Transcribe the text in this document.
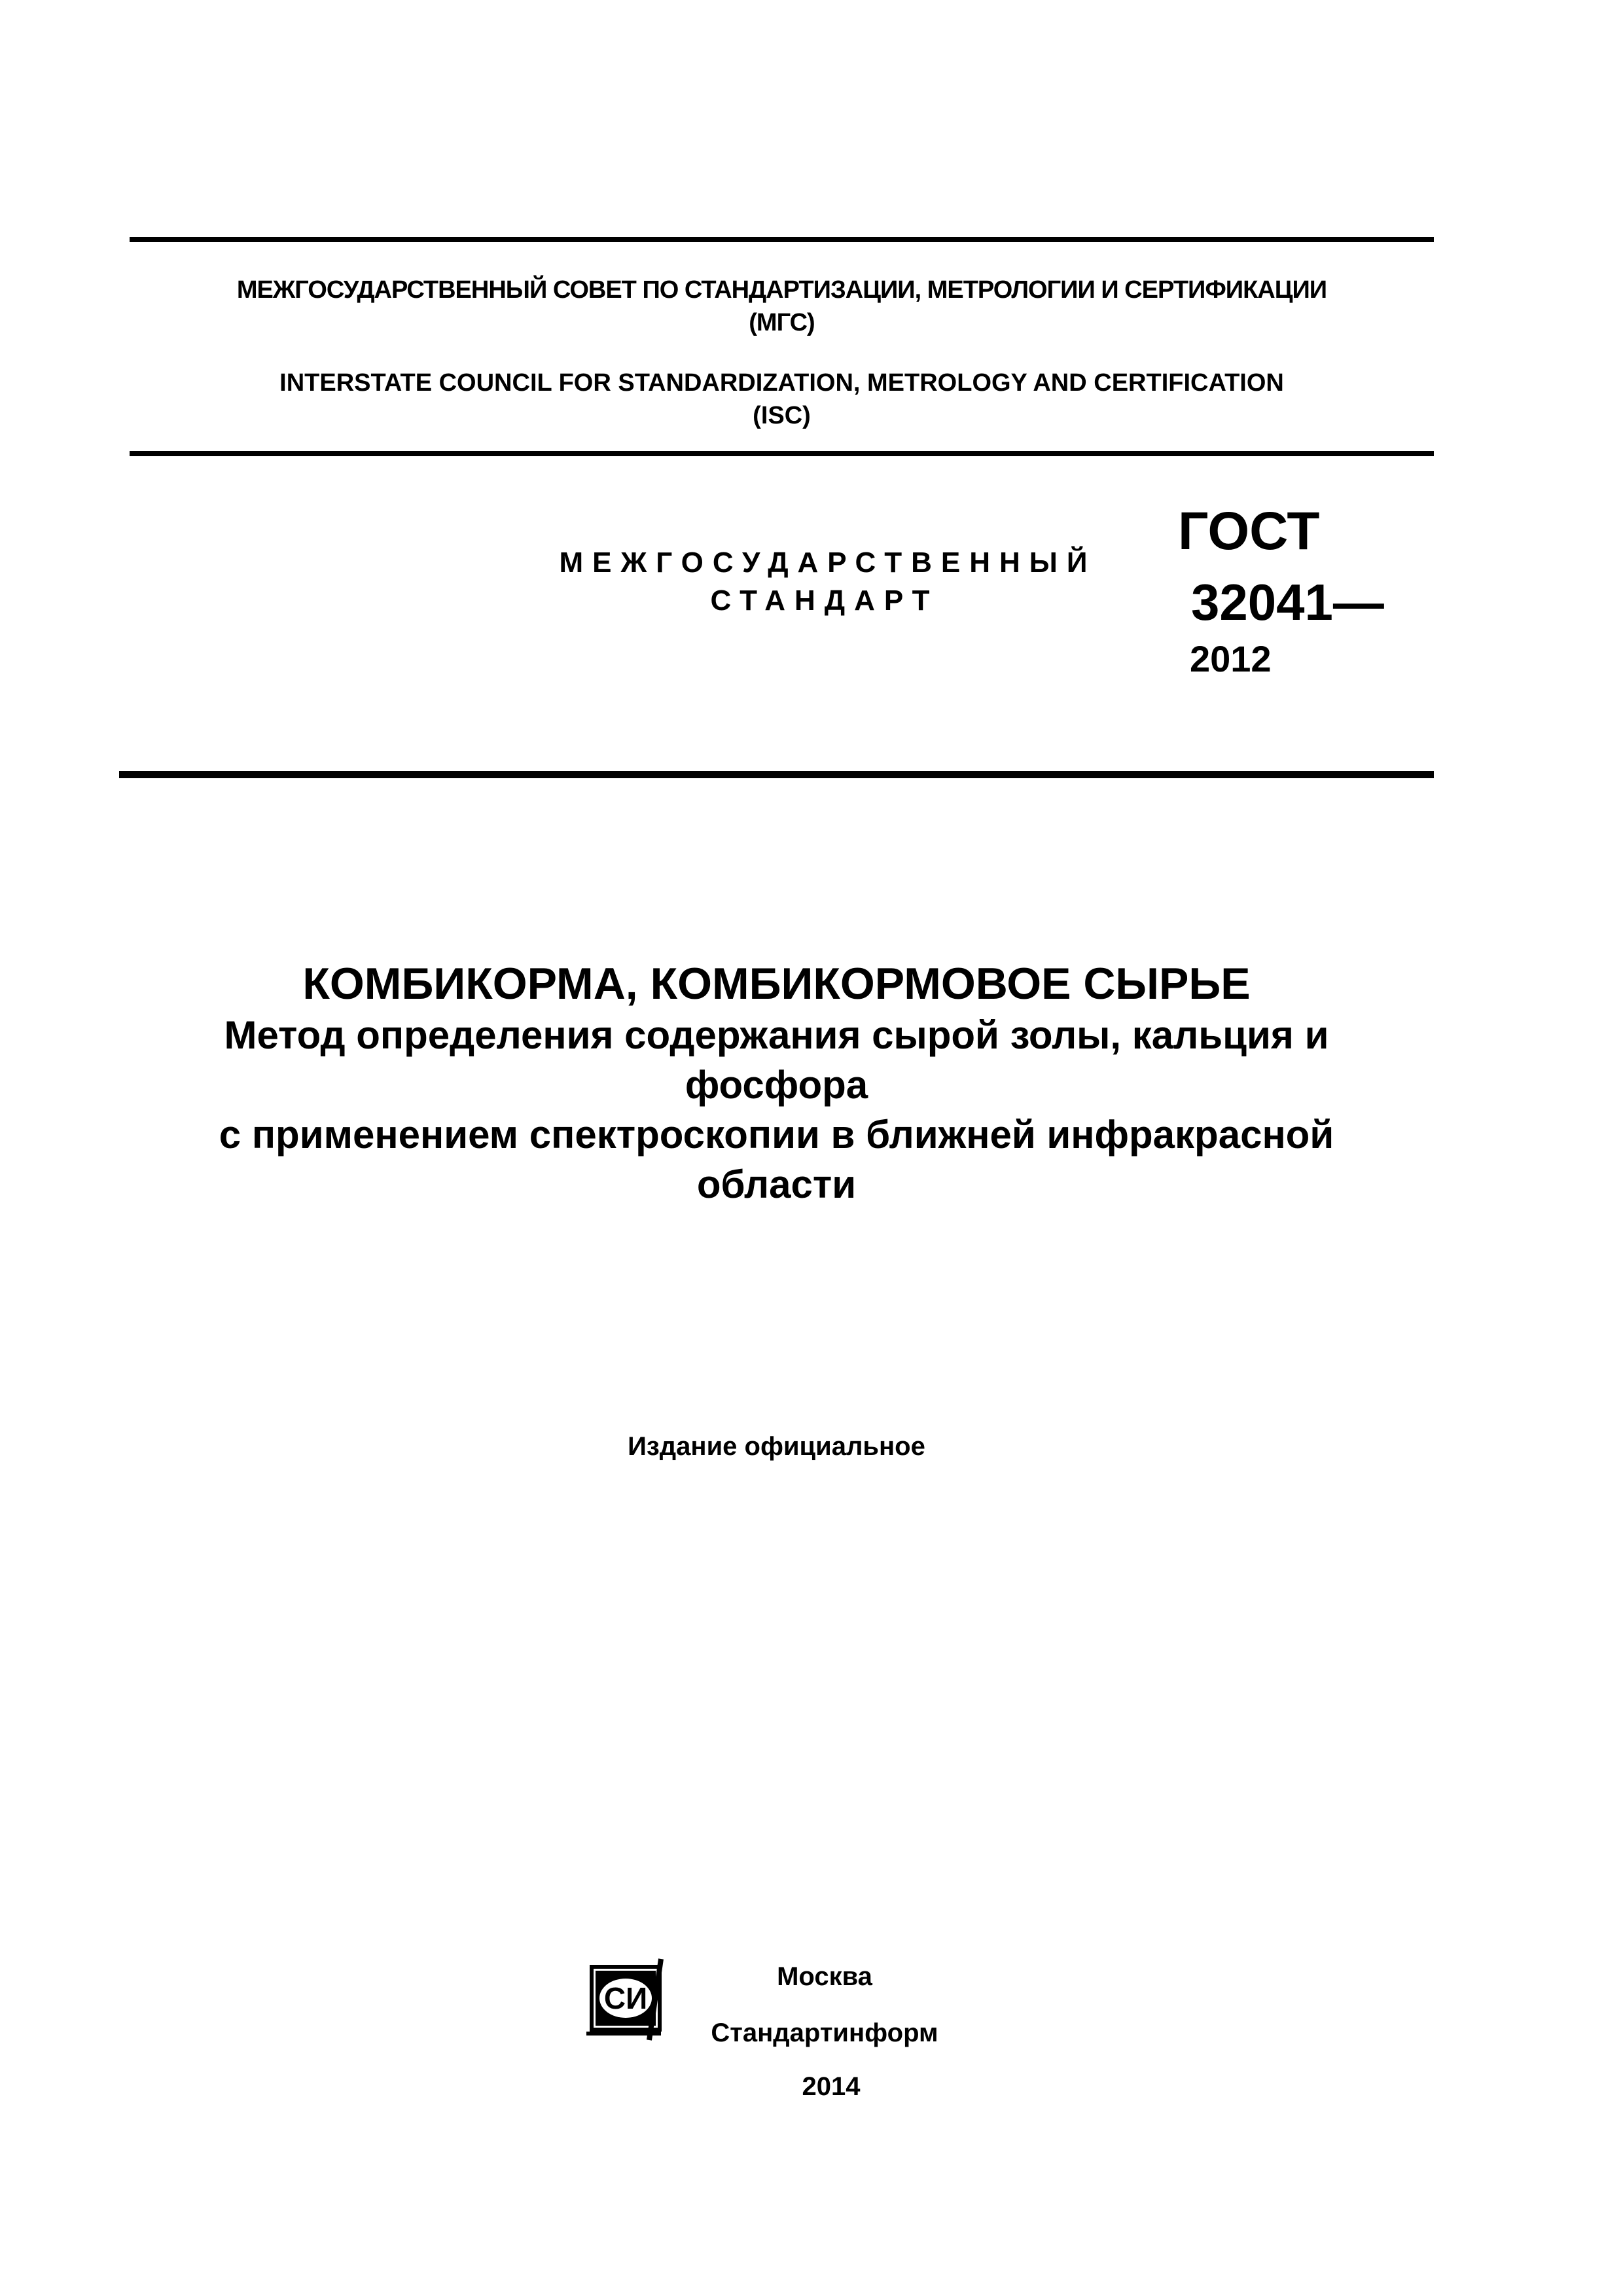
МЕЖГОСУДАРСТВЕННЫЙ СОВЕТ ПО СТАНДАРТИЗАЦИИ, МЕТРОЛОГИИ И СЕРТИФИКАЦИИ
(МГС)
INTERSTATE COUNCIL FOR STANDARDIZATION, METROLOGY AND CERTIFICATION
(ISC)
МЕЖГОСУДАРСТВЕННЫЙ
СТАНДАРТ
ГОСТ
32041—
2012
КОМБИКОРМА, КОМБИКОРМОВОЕ СЫРЬЕ
Метод определения содержания сырой золы, кальция и
фосфора
с применением спектроскопии в ближней инфракрасной
области
Издание официальное
СИ
Москва
Стандартинформ
2014
